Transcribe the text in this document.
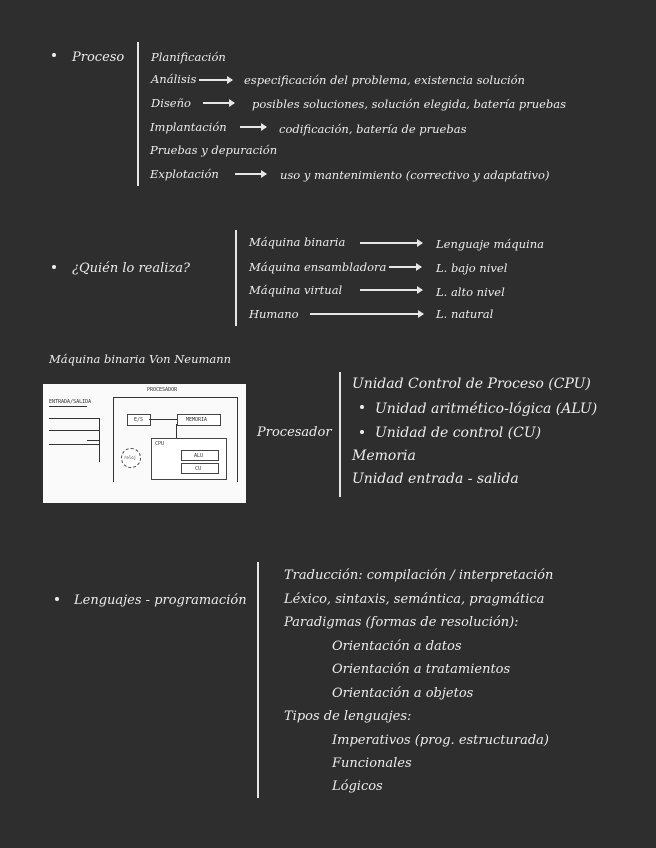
Proceso Planificación
Análisis	especificación del problema, existencia solución
Diseño	posibles soluciones, solución elegida, batería pruebas
Implantación	codificación, batería de pruebas
Pruebas y depuración
Explotación	uso y mantenimiento (correctivo y adaptativo)
¿Quién lo realiza?
Máquina binaria	Lenguaje máquina
Máquina ensambladora	L. bajo nivel
Máquina virtual	L. alto nivel
Humano	L. natural
Máquina binaria Von Neumann
PROCESADOR
ENTRADA/SALIDA
E/S	MEMORIA
CPU
ALU
CU
reloj
Procesador
Unidad Control de Proceso (CPU)
Unidad aritmético-lógica (ALU)
Unidad de control (CU)
Memoria
Unidad entrada - salida
Lenguajes - programación
Traducción: compilación / interpretación
Léxico, sintaxis, semántica, pragmática
Paradigmas (formas de resolución):
Orientación a datos
Orientación a tratamientos
Orientación a objetos
Tipos de lenguajes:
Imperativos (prog. estructurada)
Funcionales
Lógicos
